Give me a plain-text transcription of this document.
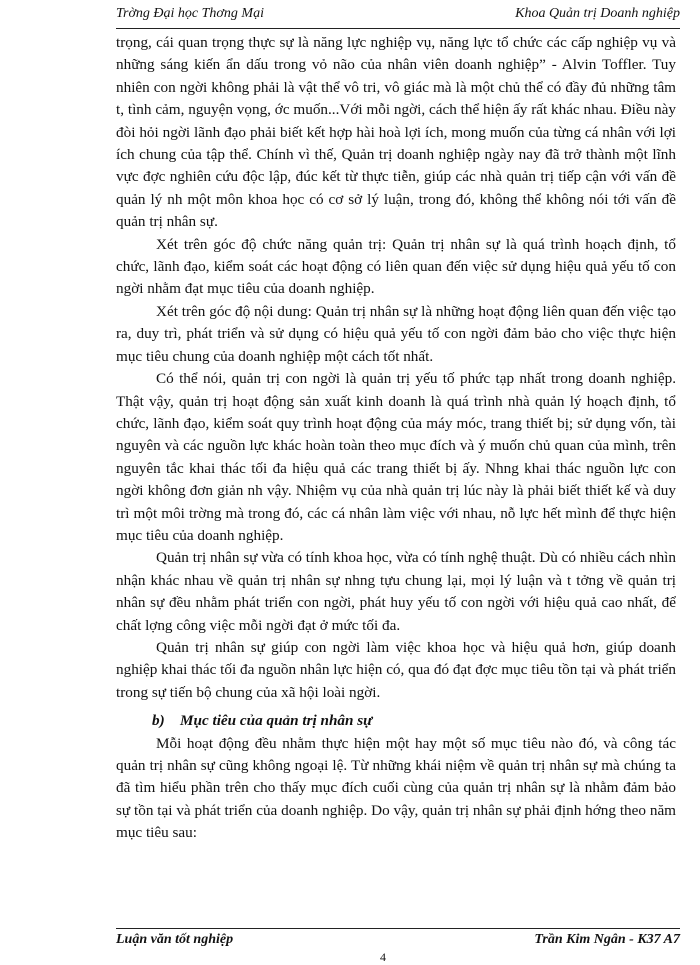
Trờng Đại học Thơng Mại	Khoa Quản trị Doanh nghiệp

trọng, cái quan trọng thực sự là năng lực nghiệp vụ, năng lực tổ chức các cấp nghiệp vụ và những sáng kiến ẩn dấu trong vỏ não của nhân viên doanh nghiệp” - Alvin Toffler. Tuy nhiên con ngời không phải là vật thể vô tri, vô giác mà là một chủ thể có đầy đủ những tâm t, tình cảm, nguyện vọng, ớc muốn...Với mỗi ngời, cách thể hiện ấy rất khác nhau. Điều này đòi hỏi ngời lãnh đạo phải biết kết hợp hài hoà lợi ích, mong muốn của từng cá nhân với lợi ích chung của tập thể. Chính vì thế, Quản trị doanh nghiệp ngày nay đã trở thành một lĩnh vực đợc nghiên cứu độc lập, đúc kết từ thực tiễn, giúp các nhà quản trị tiếp cận với vấn đề quản lý nh một môn khoa học có cơ sở lý luận, trong đó, không thể không nói tới vấn đề quản trị nhân sự.

Xét trên góc độ chức năng quản trị: Quản trị nhân sự là quá trình hoạch định, tổ chức, lãnh đạo, kiểm soát các hoạt động có liên quan đến việc sử dụng hiệu quả yếu tố con ngời nhằm đạt mục tiêu của doanh nghiệp.

Xét trên góc độ nội dung: Quản trị nhân sự là những hoạt động liên quan đến việc tạo ra, duy trì, phát triển và sử dụng có hiệu quả yếu tố con ngời đảm bảo cho việc thực hiện mục tiêu chung của doanh nghiệp một cách tốt nhất.

Có thể nói, quản trị con ngời là quản trị yếu tố phức tạp nhất trong doanh nghiệp. Thật vậy, quản trị hoạt động sản xuất kinh doanh là quá trình nhà quản lý hoạch định, tổ chức, lãnh đạo, kiểm soát quy trình hoạt động của máy móc, trang thiết bị; sử dụng vốn, tài nguyên và các nguồn lực khác hoàn toàn theo mục đích và ý muốn chủ quan của mình, trên nguyên tắc khai thác tối đa hiệu quả các trang thiết bị ấy. Nhng khai thác nguồn lực con ngời không đơn giản nh vậy. Nhiệm vụ của nhà quản trị lúc này là phải biết thiết kế và duy trì một môi trờng mà trong đó, các cá nhân làm việc với nhau, nỗ lực hết mình để thực hiện mục tiêu của doanh nghiệp.

Quản trị nhân sự vừa có tính khoa học, vừa có tính nghệ thuật. Dù có nhiều cách nhìn nhận khác nhau về quản trị nhân sự nhng tựu chung lại, mọi lý luận và t tởng về quản trị nhân sự đều nhằm phát triển con ngời, phát huy yếu tố con ngời với hiệu quả cao nhất, để chất lợng công việc mỗi ngời đạt ở mức tối đa.

Quản trị nhân sự giúp con ngời làm việc khoa học và hiệu quả hơn, giúp doanh nghiệp khai thác tối đa nguồn nhân lực hiện có, qua đó đạt đợc mục tiêu tồn tại và phát triển trong sự tiến bộ chung của xã hội loài ngời.

b) Mục tiêu của quản trị nhân sự

Mỗi hoạt động đều nhằm thực hiện một hay một số mục tiêu nào đó, và công tác quản trị nhân sự cũng không ngoại lệ. Từ những khái niệm về quản trị nhân sự mà chúng ta đã tìm hiểu phần trên cho thấy mục đích cuối cùng của quản trị nhân sự là nhằm đảm bảo sự tồn tại và phát triển của doanh nghiệp. Do vậy, quản trị nhân sự phải định hớng theo năm mục tiêu sau:

Luận văn tốt nghiệp	Trần Kim Ngân - K37 A7
4
